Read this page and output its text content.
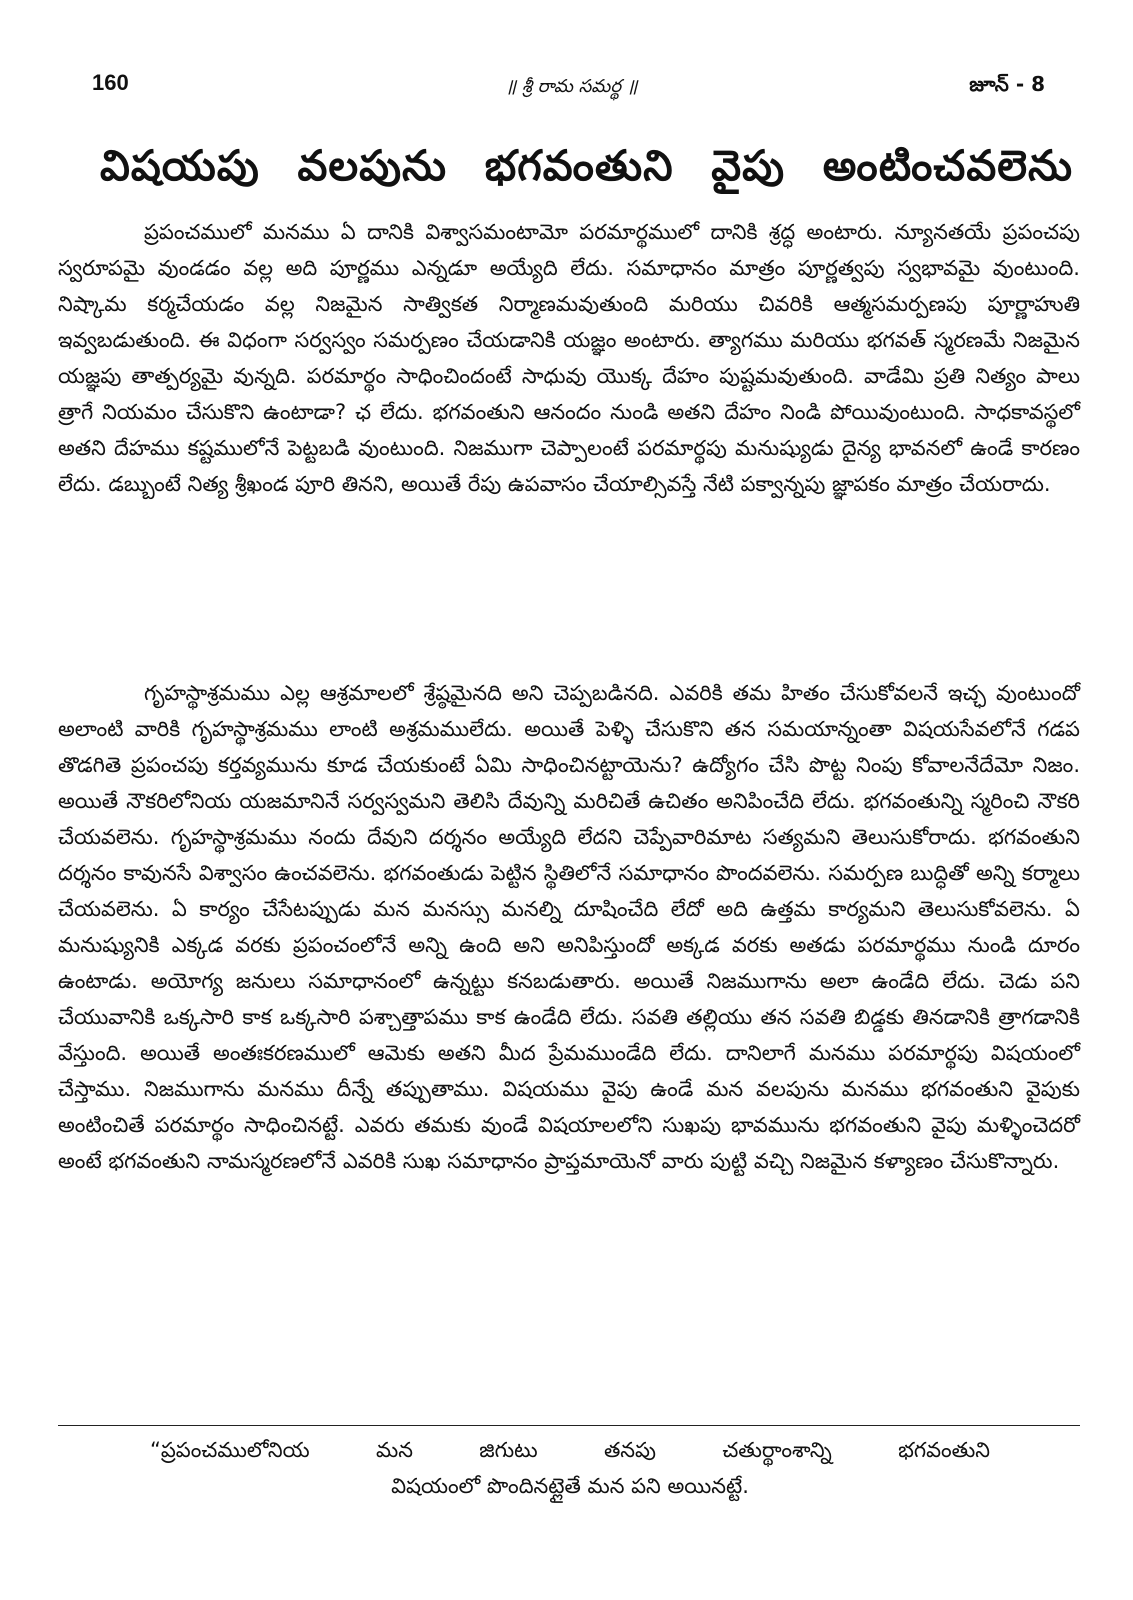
160	॥ శ్రీ రామ సమర్థ ॥	జూన్ - 8
విషయపు వలపును భగవంతుని వైపు అంటించవలెను

ప్రపంచములో మనము ఏ దానికి విశ్వాసమంటామో పరమార్థములో దానికి శ్రద్ధ అంటారు. న్యూనతయే ప్రపంచపు స్వరూపమై వుండడం వల్ల అది పూర్ణము ఎన్నడూ అయ్యేది లేదు. సమాధానం మాత్రం పూర్ణత్వపు స్వభావమై వుంటుంది. నిష్కామ కర్మచేయడం వల్ల నిజమైన సాత్వికత నిర్మాణమవుతుంది మరియు చివరికి ఆత్మసమర్పణపు పూర్ణాహుతి ఇవ్వబడుతుంది. ఈ విధంగా సర్వస్వం సమర్పణం చేయడానికి యజ్ఞం అంటారు. త్యాగము మరియు భగవత్ స్మరణమే నిజమైన యజ్ఞపు తాత్పర్యమై వున్నది. పరమార్థం సాధించిందంటే సాధువు యొక్క దేహం పుష్టమవుతుంది. వాడేమి ప్రతి నిత్యం పాలు త్రాగే నియమం చేసుకొని ఉంటాడా? ఛ లేదు. భగవంతుని ఆనందం నుండి అతని దేహం నిండి పోయివుంటుంది. సాధకావస్థలో అతని దేహము కష్టములోనే పెట్టబడి వుంటుంది. నిజముగా చెప్పాలంటే పరమార్థపు మనుష్యుడు దైన్య భావనలో ఉండే కారణం లేదు. డబ్బుంటే నిత్య శ్రీఖండ పూరి తినని, అయితే రేపు ఉపవాసం చేయాల్సివస్తే నేటి పక్వాన్నపు జ్ఞాపకం మాత్రం చేయరాదు.

గృహస్థాశ్రమము ఎల్ల ఆశ్రమాలలో శ్రేష్ఠమైనది అని చెప్పబడినది. ఎవరికి తమ హితం చేసుకోవలనే ఇచ్ఛ వుంటుందో అలాంటి వారికి గృహస్థాశ్రమము లాంటి అశ్రమములేదు. అయితే పెళ్ళి చేసుకొని తన సమయాన్నంతా విషయసేవలోనే గడప తొడగితె ప్రపంచపు కర్తవ్యమును కూడ చేయకుంటే ఏమి సాధించినట్టాయెను? ఉద్యోగం చేసి పొట్ట నింపు కోవాలనేదేమో నిజం. అయితే నౌకరిలోనియ యజమానినే సర్వస్వమని తెలిసి దేవున్ని మరిచితే ఉచితం అనిపించేది లేదు. భగవంతున్ని స్మరించి నౌకరి చేయవలెను. గృహస్థాశ్రమము నందు దేవుని దర్శనం అయ్యేది లేదని చెప్పేవారిమాట సత్యమని తెలుసుకోరాదు. భగవంతుని దర్శనం కావునసే విశ్వాసం ఉంచవలెను. భగవంతుడు పెట్టిన స్థితిలోనే సమాధానం పొందవలెను. సమర్పణ బుద్ధితో అన్ని కర్మాలు చేయవలెను. ఏ కార్యం చేసేటప్పుడు మన మనస్సు మనల్ని దూషించేది లేదో అది ఉత్తమ కార్యమని తెలుసుకోవలెను. ఏ మనుష్యునికి ఎక్కడ వరకు ప్రపంచంలోనే అన్ని ఉంది అని అనిపిస్తుందో అక్కడ వరకు అతడు పరమార్థము నుండి దూరం ఉంటాడు. అయోగ్య జనులు సమాధానంలో ఉన్నట్టు కనబడుతారు. అయితే నిజముగాను అలా ఉండేది లేదు. చెడు పని చేయువానికి ఒక్కసారి కాక ఒక్కసారి పశ్చాత్తాపము కాక ఉండేది లేదు. సవతి తల్లియు తన సవతి బిడ్డకు తినడానికి త్రాగడానికి వేస్తుంది. అయితే అంతఃకరణములో ఆమెకు అతని మీద ప్రేమముండేది లేదు. దానిలాగే మనము పరమార్థపు విషయంలో చేస్తాము. నిజముగాను మనము దీన్నే తప్పుతాము. విషయము వైపు ఉండే మన వలపును మనము భగవంతుని వైపుకు అంటించితే పరమార్థం సాధించినట్టే. ఎవరు తమకు వుండే విషయాలలోని సుఖపు భావమును భగవంతుని వైపు మళ్ళించెదరో అంటే భగవంతుని నామస్మరణలోనే ఎవరికి సుఖ సమాధానం ప్రాప్తమాయెనో వారు పుట్టి వచ్చి నిజమైన కళ్యాణం చేసుకొన్నారు.

“ప్రపంచములోనియ మన జిగుటు తనపు చతుర్థాంశాన్ని భగవంతుని
విషయంలో పొందినట్లైతే మన పని అయినట్టే.
